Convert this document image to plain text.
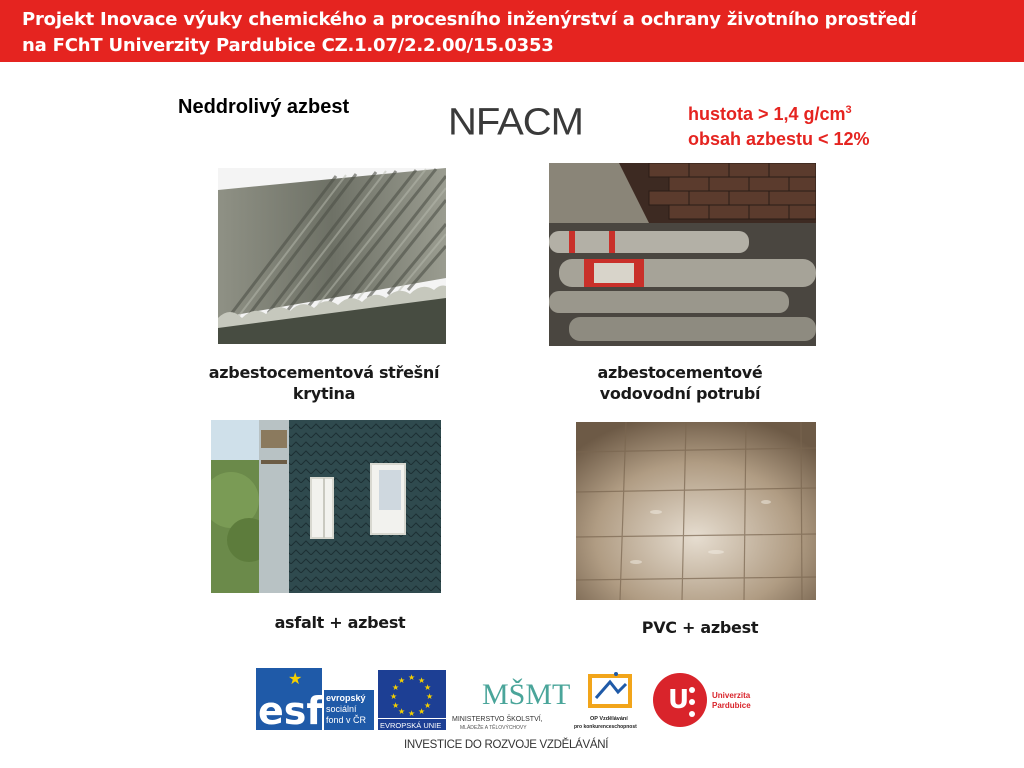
Projekt Inovace výuky chemického a procesního inženýrství a ochrany životního prostředí
na FChT Univerzity Pardubice CZ.1.07/2.2.00/15.0353
Neddrolivý azbest NFACM	hustota > 1,4 $g/cm^3$
obsah azbestu < 12%
azbestocementová střešní
krytina
azbestocementové
vodovodní potrubí
asfalt + azbest	PVC + azbest
esf
★
evropský
sociální
fond v ČR
★ ★
★
★
★
★
★
★
★
★
★
★
EVROPSKÁ UNIE
MŠMT
MINISTERSTVO ŠKOLSTVÍ,
MLÁDEŽE A TĚLOVÝCHOVY
OP Vzdělávání
pro konkurenceschopnost
U	Univerzita
Pardubice
INVESTICE DO ROZVOJE VZDĚLÁVÁNÍ
